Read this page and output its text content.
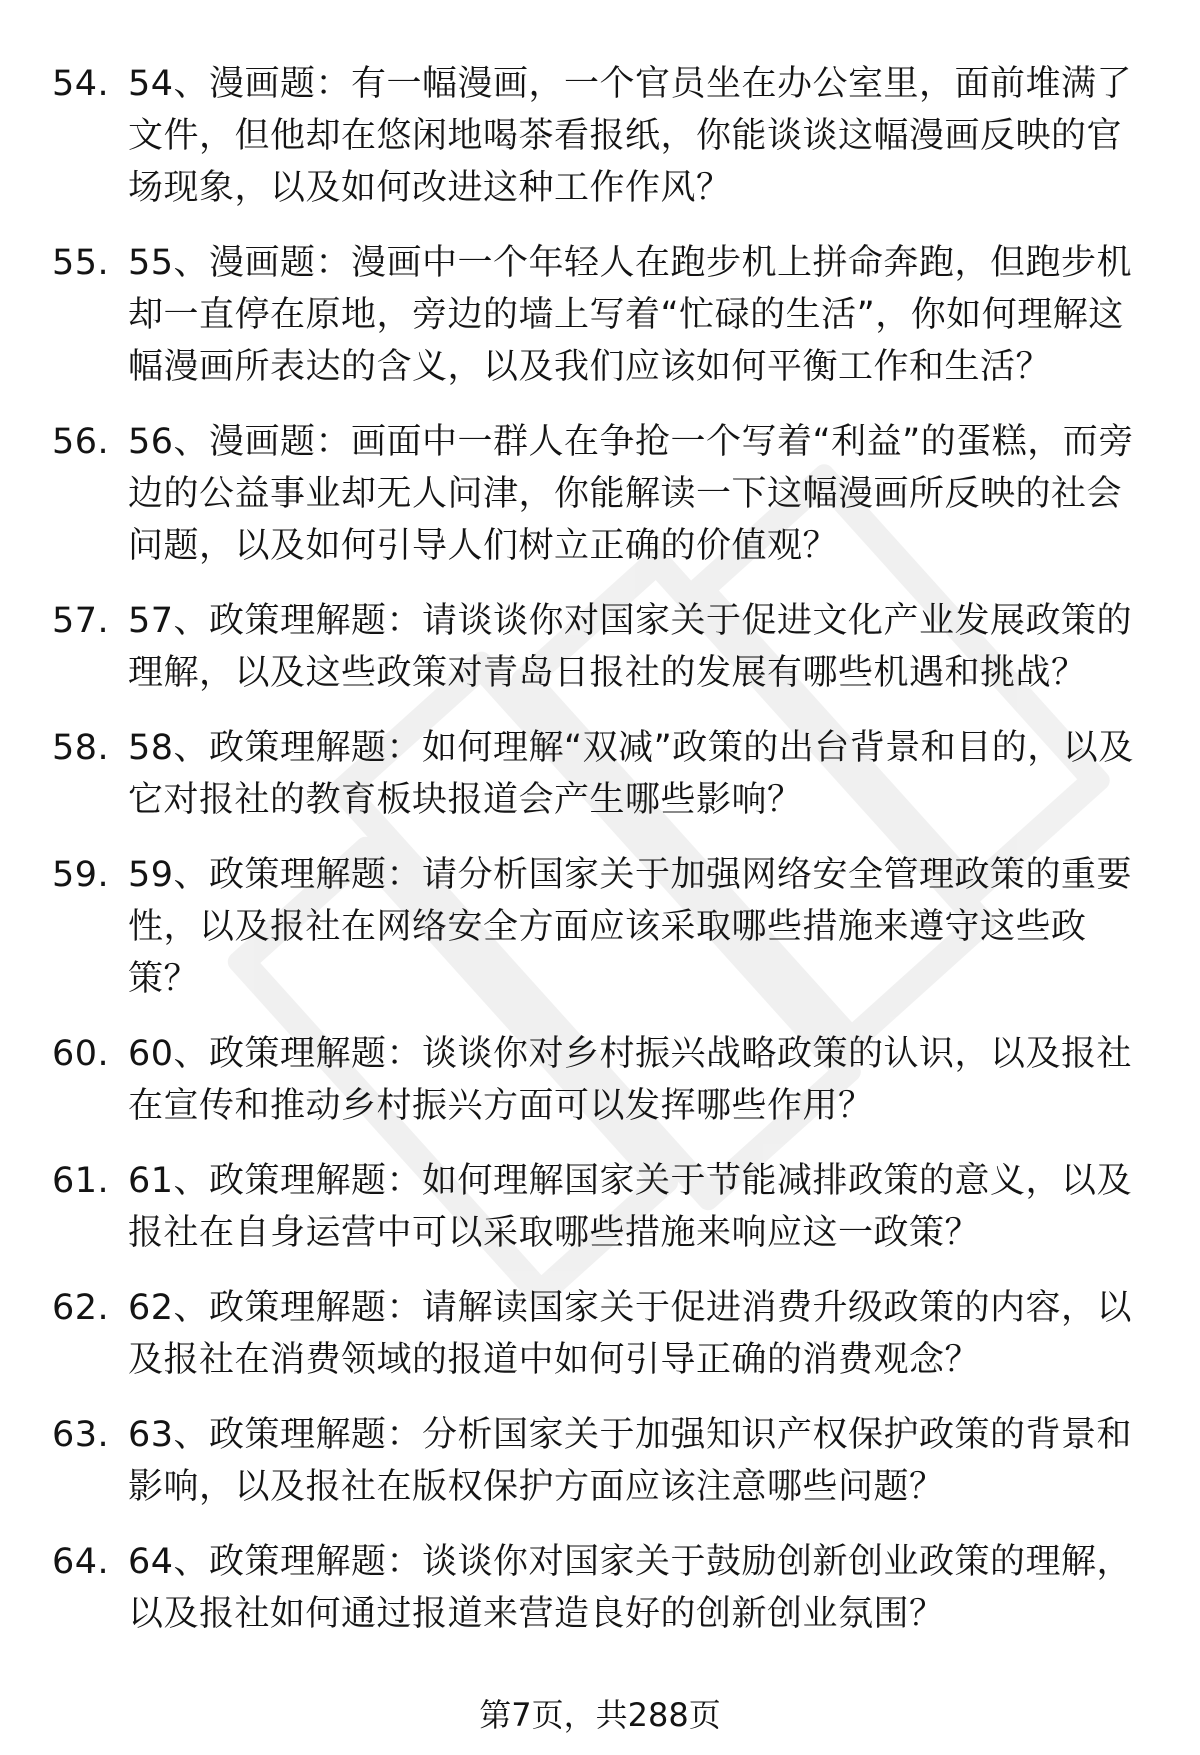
54. 54、漫画题：有一幅漫画，一个官员坐在办公室里，面前堆满了文件，但他却在悠闲地喝茶看报纸，你能谈谈这幅漫画反映的官场现象，以及如何改进这种工作作风？
55. 55、漫画题：漫画中一个年轻人在跑步机上拼命奔跑，但跑步机却一直停在原地，旁边的墙上写着“忙碌的生活”，你如何理解这幅漫画所表达的含义，以及我们应该如何平衡工作和生活？
56. 56、漫画题：画面中一群人在争抢一个写着“利益”的蛋糕，而旁边的公益事业却无人问津，你能解读一下这幅漫画所反映的社会问题，以及如何引导人们树立正确的价值观？
57. 57、政策理解题：请谈谈你对国家关于促进文化产业发展政策的理解，以及这些政策对青岛日报社的发展有哪些机遇和挑战？
58. 58、政策理解题：如何理解“双减”政策的出台背景和目的，以及它对报社的教育板块报道会产生哪些影响？
59. 59、政策理解题：请分析国家关于加强网络安全管理政策的重要性，以及报社在网络安全方面应该采取哪些措施来遵守这些政策？
60. 60、政策理解题：谈谈你对乡村振兴战略政策的认识，以及报社在宣传和推动乡村振兴方面可以发挥哪些作用？
61. 61、政策理解题：如何理解国家关于节能减排政策的意义，以及报社在自身运营中可以采取哪些措施来响应这一政策？
62. 62、政策理解题：请解读国家关于促进消费升级政策的内容，以及报社在消费领域的报道中如何引导正确的消费观念？
63. 63、政策理解题：分析国家关于加强知识产权保护政策的背景和影响，以及报社在版权保护方面应该注意哪些问题？
64. 64、政策理解题：谈谈你对国家关于鼓励创新创业政策的理解，以及报社如何通过报道来营造良好的创新创业氛围？
第7页，共288页
